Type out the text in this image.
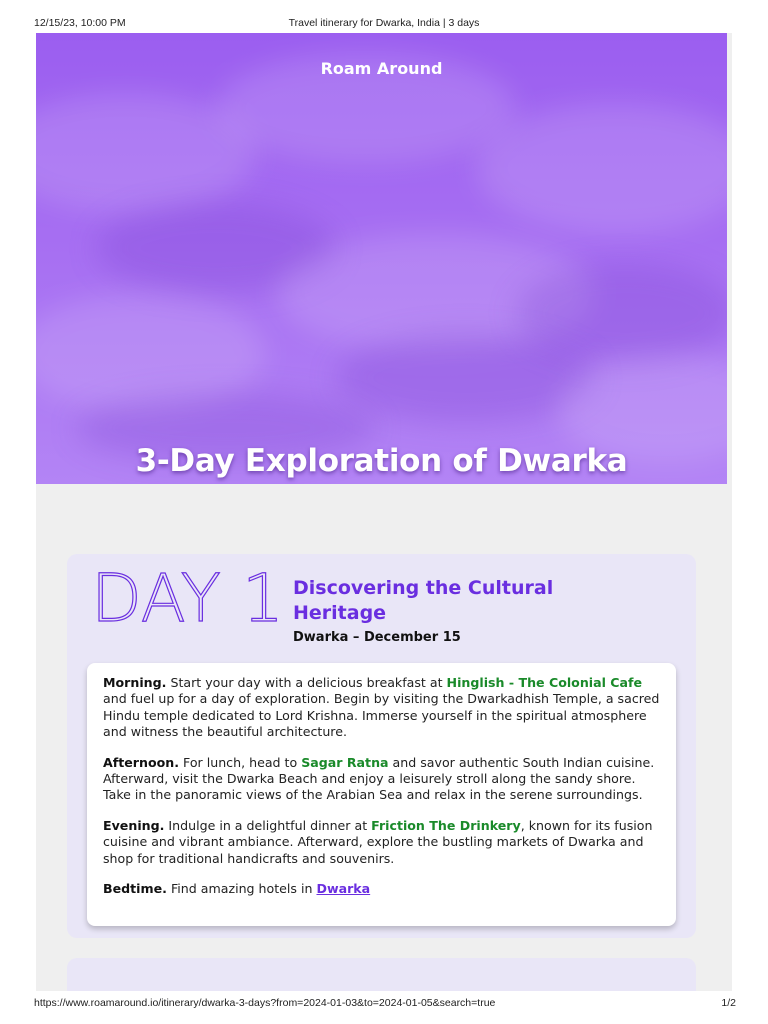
12/15/23, 10:00 PM	Travel itinerary for Dwarka, India | 3 days
Roam Around
3-Day Exploration of Dwarka
DAY 1 Discovering the Cultural Heritage
Dwarka – December 15

Morning. Start your day with a delicious breakfast at Hinglish - The Colonial Cafe and fuel up for a day of exploration. Begin by visiting the Dwarkadhish Temple, a sacred Hindu temple dedicated to Lord Krishna. Immerse yourself in the spiritual atmosphere and witness the beautiful architecture.

Afternoon. For lunch, head to Sagar Ratna and savor authentic South Indian cuisine. Afterward, visit the Dwarka Beach and enjoy a leisurely stroll along the sandy shore. Take in the panoramic views of the Arabian Sea and relax in the serene surroundings.

Evening. Indulge in a delightful dinner at Friction The Drinkery, known for its fusion cuisine and vibrant ambiance. Afterward, explore the bustling markets of Dwarka and shop for traditional handicrafts and souvenirs.

Bedtime. Find amazing hotels in Dwarka

https://www.roamaround.io/itinerary/dwarka-3-days?from=2024-01-03&to=2024-01-05&search=true	1/2
